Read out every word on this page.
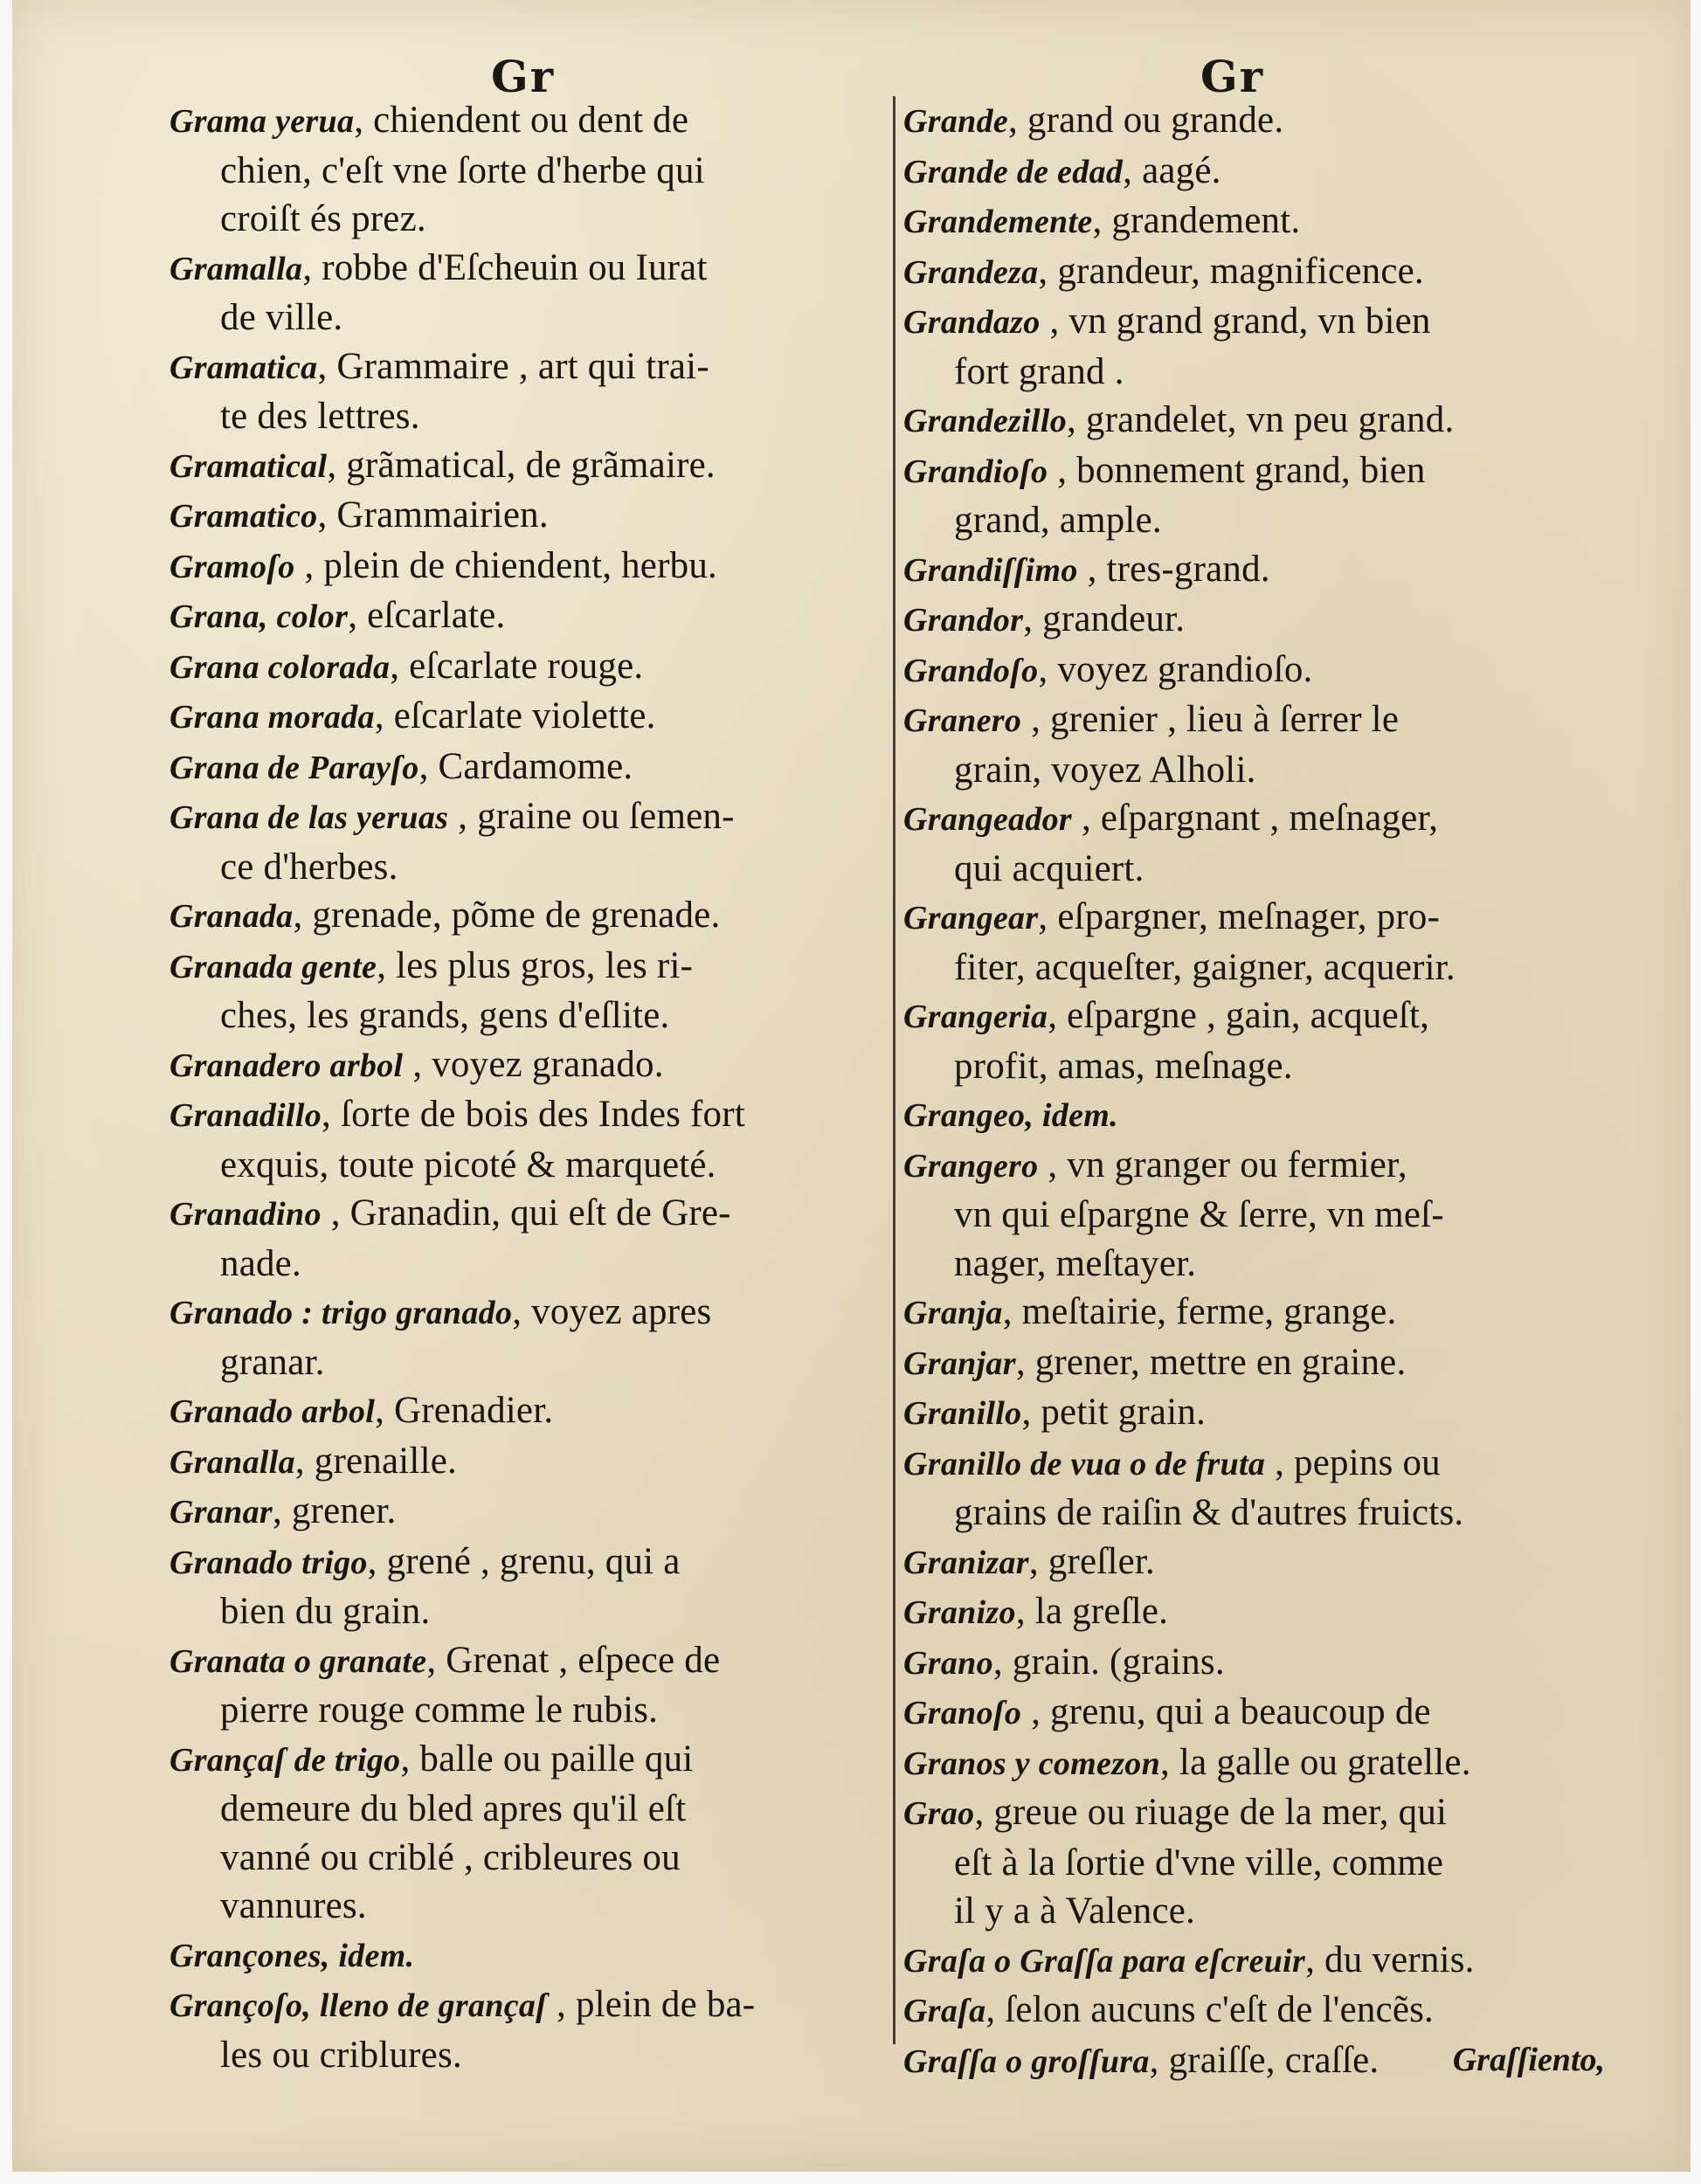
Gr	Gr
Grama yerua, chiendent ou dent de
chien, c'eſt vne ſorte d'herbe qui
croiſt és prez.
Gramalla, robbe d'Eſcheuin ou Iurat
de ville.
Gramatica, Grammaire , art qui trai-
te des lettres.
Gramatical, grãmatical, de grãmaire.
Gramatico, Grammairien.
Gramoſo , plein de chiendent, herbu.
Grana, color, eſcarlate.
Grana colorada, eſcarlate rouge.
Grana morada, eſcarlate violette.
Grana de Parayſo, Cardamome.
Grana de las yeruas , graine ou ſemen-
ce d'herbes.
Granada, grenade, põme de grenade.
Granada gente, les plus gros, les ri-
ches, les grands, gens d'eſlite.
Granadero arbol , voyez granado.
Granadillo, ſorte de bois des Indes fort
exquis, toute picoté & marqueté.
Granadino , Granadin, qui eſt de Gre-
nade.
Granado : trigo granado, voyez apres
granar.
Granado arbol, Grenadier.
Granalla, grenaille.
Granar, grener.
Granado trigo, grené , grenu, qui a
bien du grain.
Granata o granate, Grenat , eſpece de
pierre rouge comme le rubis.
Grançaſ de trigo, balle ou paille qui
demeure du bled apres qu'il eſt
vanné ou criblé , cribleures ou
vannures.
Grançones, idem.
Grançoſo, lleno de grançaſ , plein de ba-
les ou criblures.
Grande, grand ou grande.
Grande de edad, aagé.
Grandemente, grandement.
Grandeza, grandeur, magnificence.
Grandazo , vn grand grand, vn bien
fort grand .
Grandezillo, grandelet, vn peu grand.
Grandioſo , bonnement grand, bien
grand, ample.
Grandiſſimo , tres-grand.
Grandor, grandeur.
Grandoſo, voyez grandioſo.
Granero , grenier , lieu à ſerrer le
grain, voyez Alholi.
Grangeador , eſpargnant , meſnager,
qui acquiert.
Grangear, eſpargner, meſnager, pro-
fiter, acqueſter, gaigner, acquerir.
Grangeria, eſpargne , gain, acqueſt,
profit, amas, meſnage.
Grangeo, idem.
Grangero , vn granger ou fermier,
vn qui eſpargne & ſerre, vn meſ-
nager, meſtayer.
Granja, meſtairie, ferme, grange.
Granjar, grener, mettre en graine.
Granillo, petit grain.
Granillo de vua o de fruta , pepins ou
grains de raiſin & d'autres fruicts.
Granizar, greſler.
Granizo, la greſle.
Grano, grain. (grains.
Granoſo , grenu, qui a beaucoup de
Granos y comezon, la galle ou gratelle.
Grao, greue ou riuage de la mer, qui
eſt à la ſortie d'vne ville, comme
il y a à Valence.
Graſa o Graſſa para eſcreuir, du vernis.
Graſa, ſelon aucuns c'eſt de l'encẽs.
Graſſa o groſſura, graiſſe, craſſe.	Graſſiento,
